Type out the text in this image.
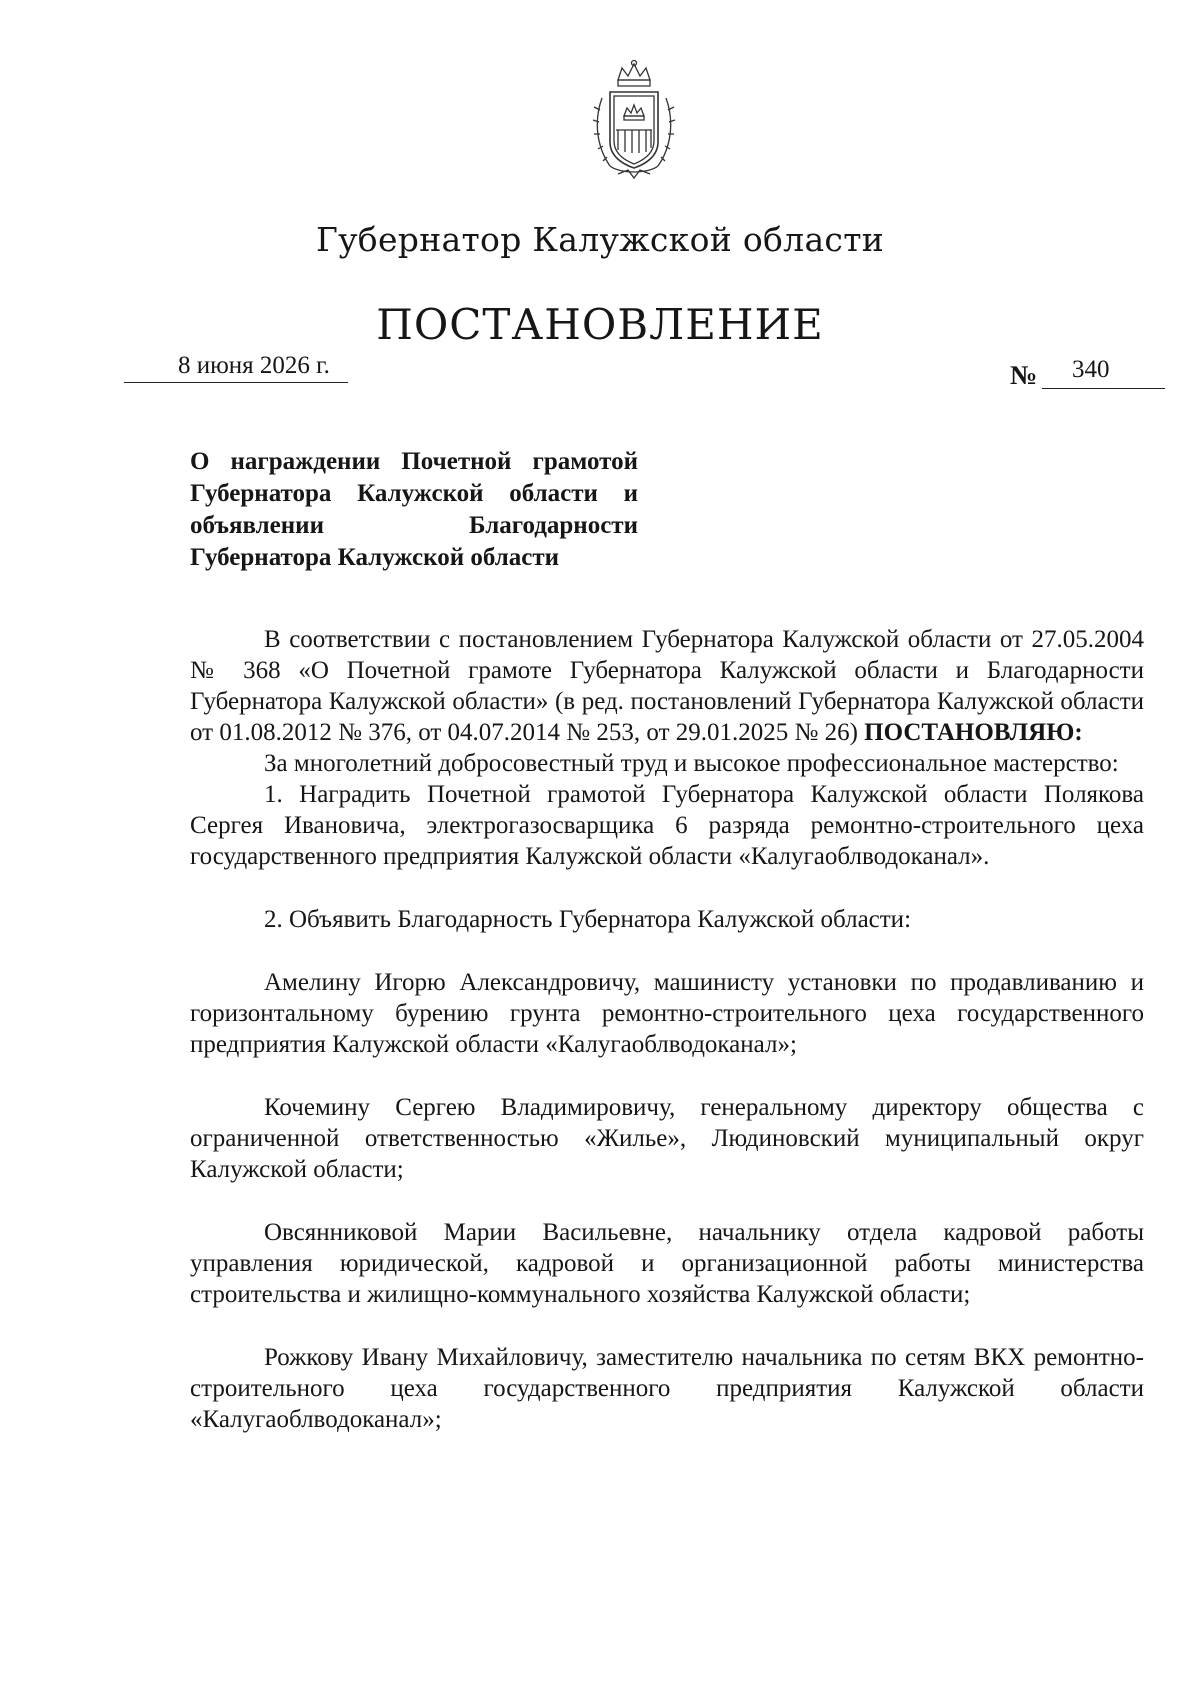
Губернатор Калужской области
ПОСТАНОВЛЕНИЕ
8 июня 2026 г.	№ 340
О награждении Почетной грамотой Губернатора Калужской области и объявлении Благодарности Губернатора Калужской области

В соответствии с постановлением Губернатора Калужской области от 27.05.2004 № 368 «О Почетной грамоте Губернатора Калужской области и Благодарности Губернатора Калужской области» (в ред. постановлений Губернатора Калужской области от 01.08.2012 № 376, от 04.07.2014 № 253, от 29.01.2025 № 26) ПОСТАНОВЛЯЮ:

За многолетний добросовестный труд и высокое профессиональное мастерство:

1. Наградить Почетной грамотой Губернатора Калужской области Полякова Сергея Ивановича, электрогазосварщика 6 разряда ремонтно-строительного цеха государственного предприятия Калужской области «Калугаоблводоканал».

2. Объявить Благодарность Губернатора Калужской области:

Амелину Игорю Александровичу, машинисту установки по продавливанию и горизонтальному бурению грунта ремонтно-строительного цеха государственного предприятия Калужской области «Калугаоблводоканал»;

Кочемину Сергею Владимировичу, генеральному директору общества с ограниченной ответственностью «Жилье», Людиновский муниципальный округ Калужской области;

Овсянниковой Марии Васильевне, начальнику отдела кадровой работы управления юридической, кадровой и организационной работы министерства строительства и жилищно-коммунального хозяйства Калужской области;

Рожкову Ивану Михайловичу, заместителю начальника по сетям ВКХ ремонтно-строительного цеха государственного предприятия Калужской области «Калугаоблводоканал»;
